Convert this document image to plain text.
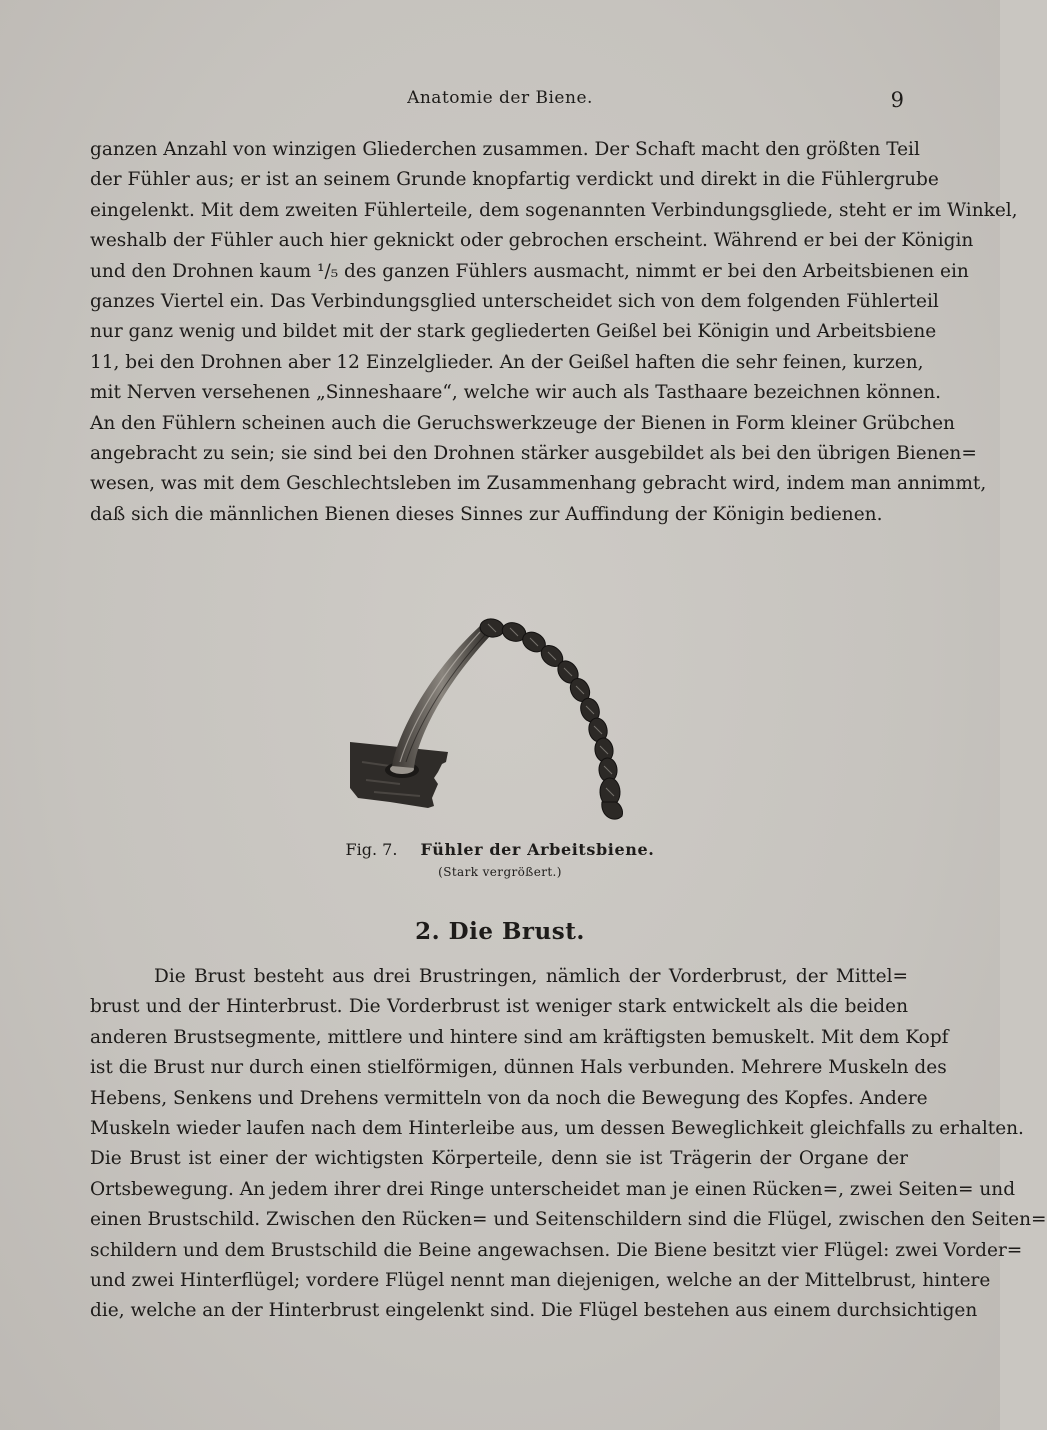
Anatomie der Biene.	9
ganzen Anzahl von winzigen Gliederchen zusammen. Der Schaft macht den größten Teil
der Fühler aus; er ist an seinem Grunde knopfartig verdickt und direkt in die Fühlergrube
eingelenkt. Mit dem zweiten Fühlerteile, dem sogenannten Verbindungsgliede, steht er im Winkel,
weshalb der Fühler auch hier geknickt oder gebrochen erscheint. Während er bei der Königin
und den Drohnen kaum ¹/₅ des ganzen Fühlers ausmacht, nimmt er bei den Arbeitsbienen ein
ganzes Viertel ein. Das Verbindungsglied unterscheidet sich von dem folgenden Fühlerteil
nur ganz wenig und bildet mit der stark gegliederten Geißel bei Königin und Arbeitsbiene
11, bei den Drohnen aber 12 Einzelglieder. An der Geißel haften die sehr feinen, kurzen,
mit Nerven versehenen „Sinneshaare“, welche wir auch als Tasthaare bezeichnen können.
An den Fühlern scheinen auch die Geruchswerkzeuge der Bienen in Form kleiner Grübchen
angebracht zu sein; sie sind bei den Drohnen stärker ausgebildet als bei den übrigen Bienen=
wesen, was mit dem Geschlechtsleben im Zusammenhang gebracht wird, indem man annimmt,
daß sich die männlichen Bienen dieses Sinnes zur Auffindung der Königin bedienen.
Fig. 7. Fühler der Arbeitsbiene.
(Stark vergrößert.)
2. Die Brust.
Die Brust besteht aus drei Brustringen, nämlich der Vorderbrust, der Mittel=
brust und der Hinterbrust. Die Vorderbrust ist weniger stark entwickelt als die beiden
anderen Brustsegmente, mittlere und hintere sind am kräftigsten bemuskelt. Mit dem Kopf
ist die Brust nur durch einen stielförmigen, dünnen Hals verbunden. Mehrere Muskeln des
Hebens, Senkens und Drehens vermitteln von da noch die Bewegung des Kopfes. Andere
Muskeln wieder laufen nach dem Hinterleibe aus, um dessen Beweglichkeit gleichfalls zu erhalten.
Die Brust ist einer der wichtigsten Körperteile, denn sie ist Trägerin der Organe der
Ortsbewegung. An jedem ihrer drei Ringe unterscheidet man je einen Rücken=, zwei Seiten= und
einen Brustschild. Zwischen den Rücken= und Seitenschildern sind die Flügel, zwischen den Seiten=
schildern und dem Brustschild die Beine angewachsen. Die Biene besitzt vier Flügel: zwei Vorder=
und zwei Hinterflügel; vordere Flügel nennt man diejenigen, welche an der Mittelbrust, hintere
die, welche an der Hinterbrust eingelenkt sind. Die Flügel bestehen aus einem durchsichtigen
